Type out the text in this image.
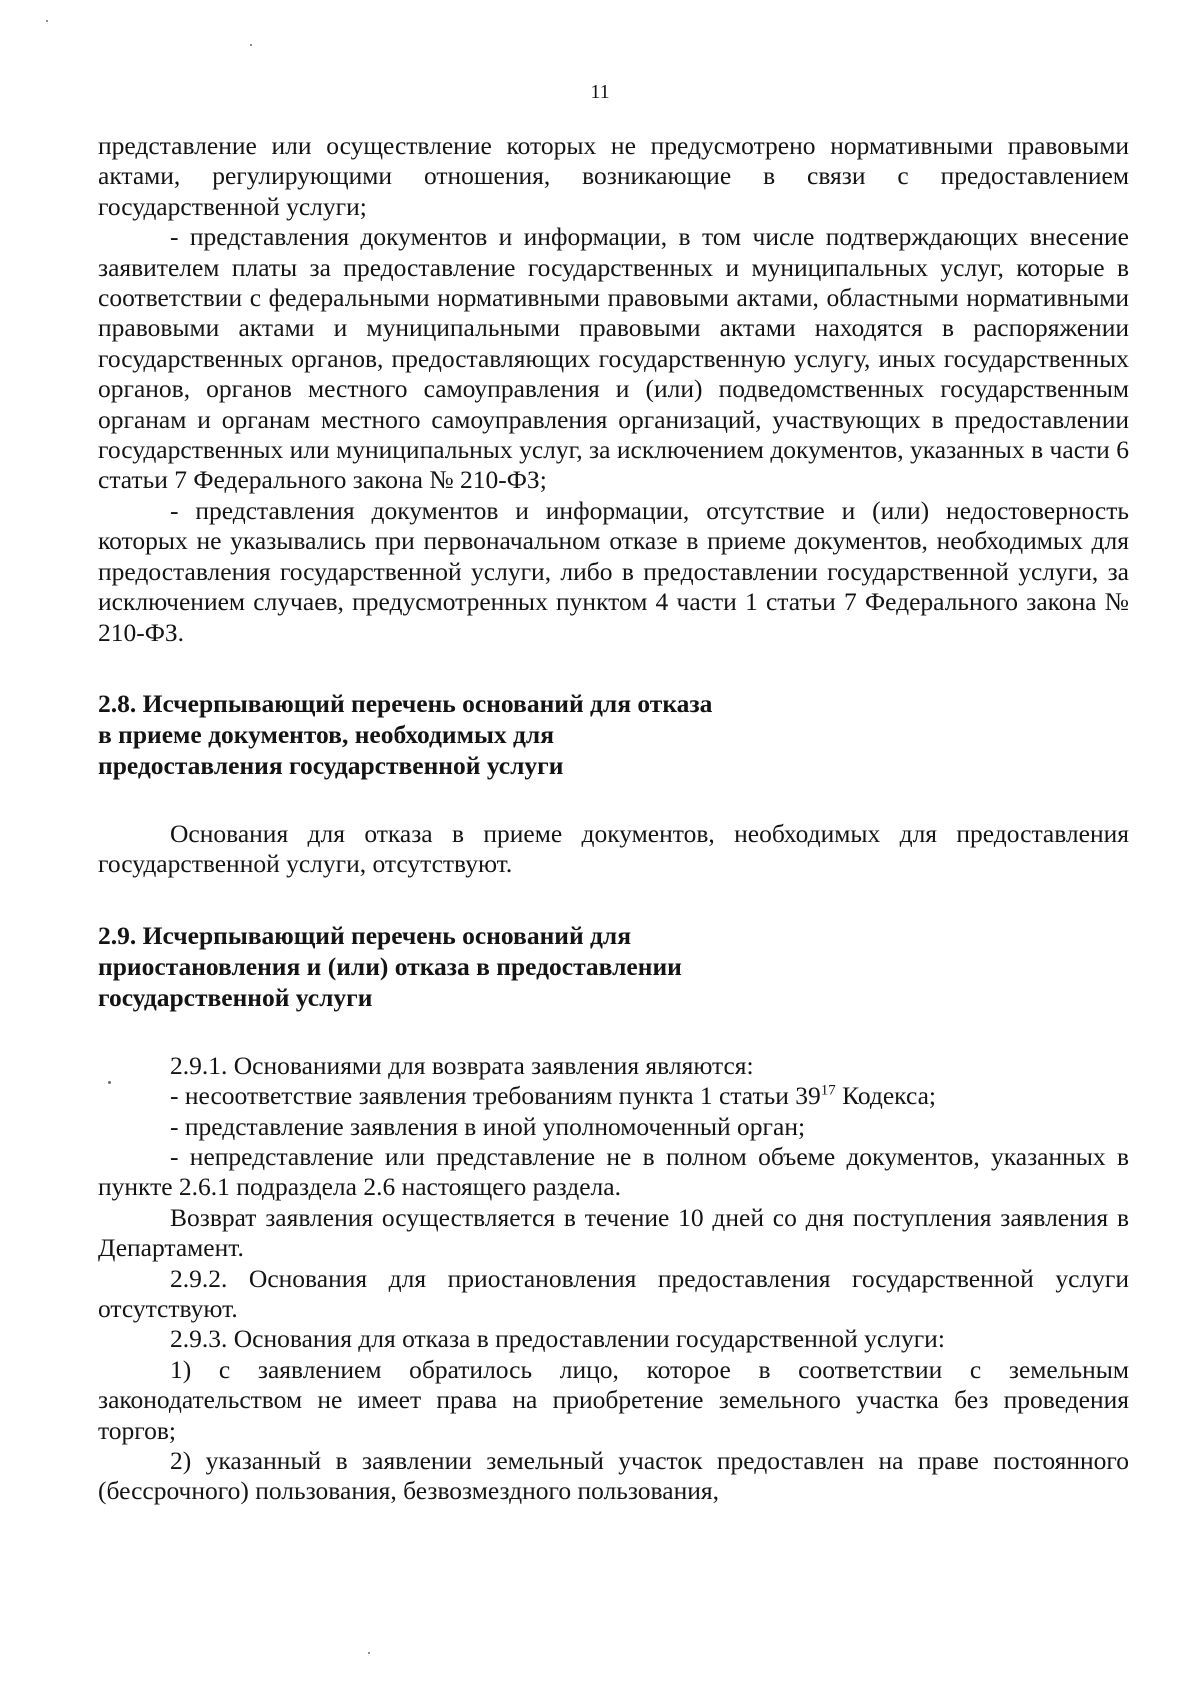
11

представление или осуществление которых не предусмотрено нормативными правовыми актами, регулирующими отношения, возникающие в связи с предоставлением государственной услуги;

- представления документов и информации, в том числе подтверждающих внесение заявителем платы за предоставление государственных и муниципальных услуг, которые в соответствии с федеральными нормативными правовыми актами, областными нормативными правовыми актами и муниципальными правовыми актами находятся в распоряжении государственных органов, предоставляющих государственную услугу, иных государственных органов, органов местного самоуправления и (или) подведомственных государственным органам и органам местного самоуправления организаций, участвующих в предоставлении государственных или муниципальных услуг, за исключением документов, указанных в части 6 статьи 7 Федерального закона № 210-ФЗ;

- представления документов и информации, отсутствие и (или) недостоверность которых не указывались при первоначальном отказе в приеме документов, необходимых для предоставления государственной услуги, либо в предоставлении государственной услуги, за исключением случаев, предусмотренных пунктом 4 части 1 статьи 7 Федерального закона № 210-ФЗ.

2.8. Исчерпывающий перечень оснований для отказа

в приеме документов, необходимых для

предоставления государственной услуги

Основания для отказа в приеме документов, необходимых для предоставления государственной услуги, отсутствуют.

2.9. Исчерпывающий перечень оснований для

приостановления и (или) отказа в предоставлении

государственной услуги

2.9.1. Основаниями для возврата заявления являются:

- несоответствие заявления требованиям пункта 1 статьи $39^{17}$ Кодекса;

- представление заявления в иной уполномоченный орган;

- непредставление или представление не в полном объеме документов, указанных в пункте 2.6.1 подраздела 2.6 настоящего раздела.

Возврат заявления осуществляется в течение 10 дней со дня поступления заявления в Департамент.

2.9.2. Основания для приостановления предоставления государственной услуги отсутствуют.

2.9.3. Основания для отказа в предоставлении государственной услуги:

1) с заявлением обратилось лицо, которое в соответствии с земельным законодательством не имеет права на приобретение земельного участка без проведения торгов;

2) указанный в заявлении земельный участок предоставлен на праве постоянного (бессрочного) пользования, безвозмездного пользования,
